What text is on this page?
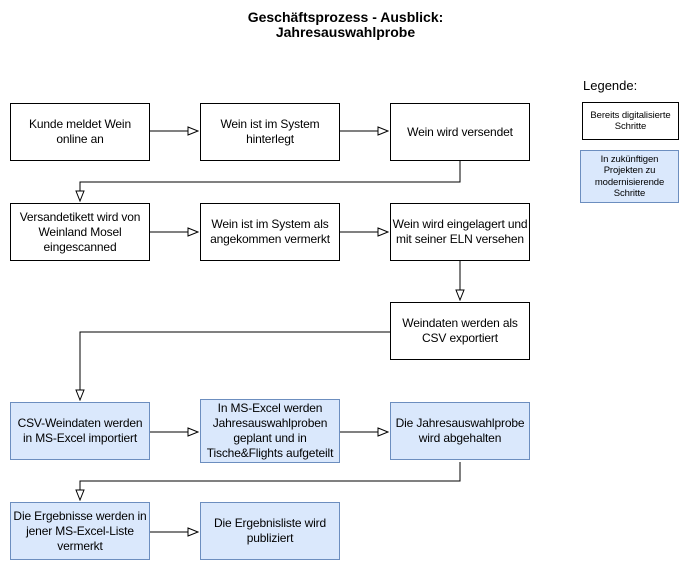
Geschäftsprozess - Ausblick:
Jahresauswahlprobe
Kunde meldet Wein online an
Wein ist im System hinterlegt
Wein wird versendet
Versandetikett wird von Weinland Mosel eingescanned
Wein ist im System als angekommen vermerkt
Wein wird eingelagert und mit seiner ELN versehen
Weindaten werden als CSV exportiert
CSV-Weindaten werden in MS-Excel importiert
In MS-Excel werden Jahresauswahlproben geplant und in Tische&Flights aufgeteilt
Die Jahresauswahlprobe wird abgehalten
Die Ergebnisse werden in jener MS-Excel-Liste vermerkt
Die Ergebnisliste wird publiziert
Legende:
Bereits digitalisierte Schritte
In zukünftigen Projekten zu modernisierende Schritte
